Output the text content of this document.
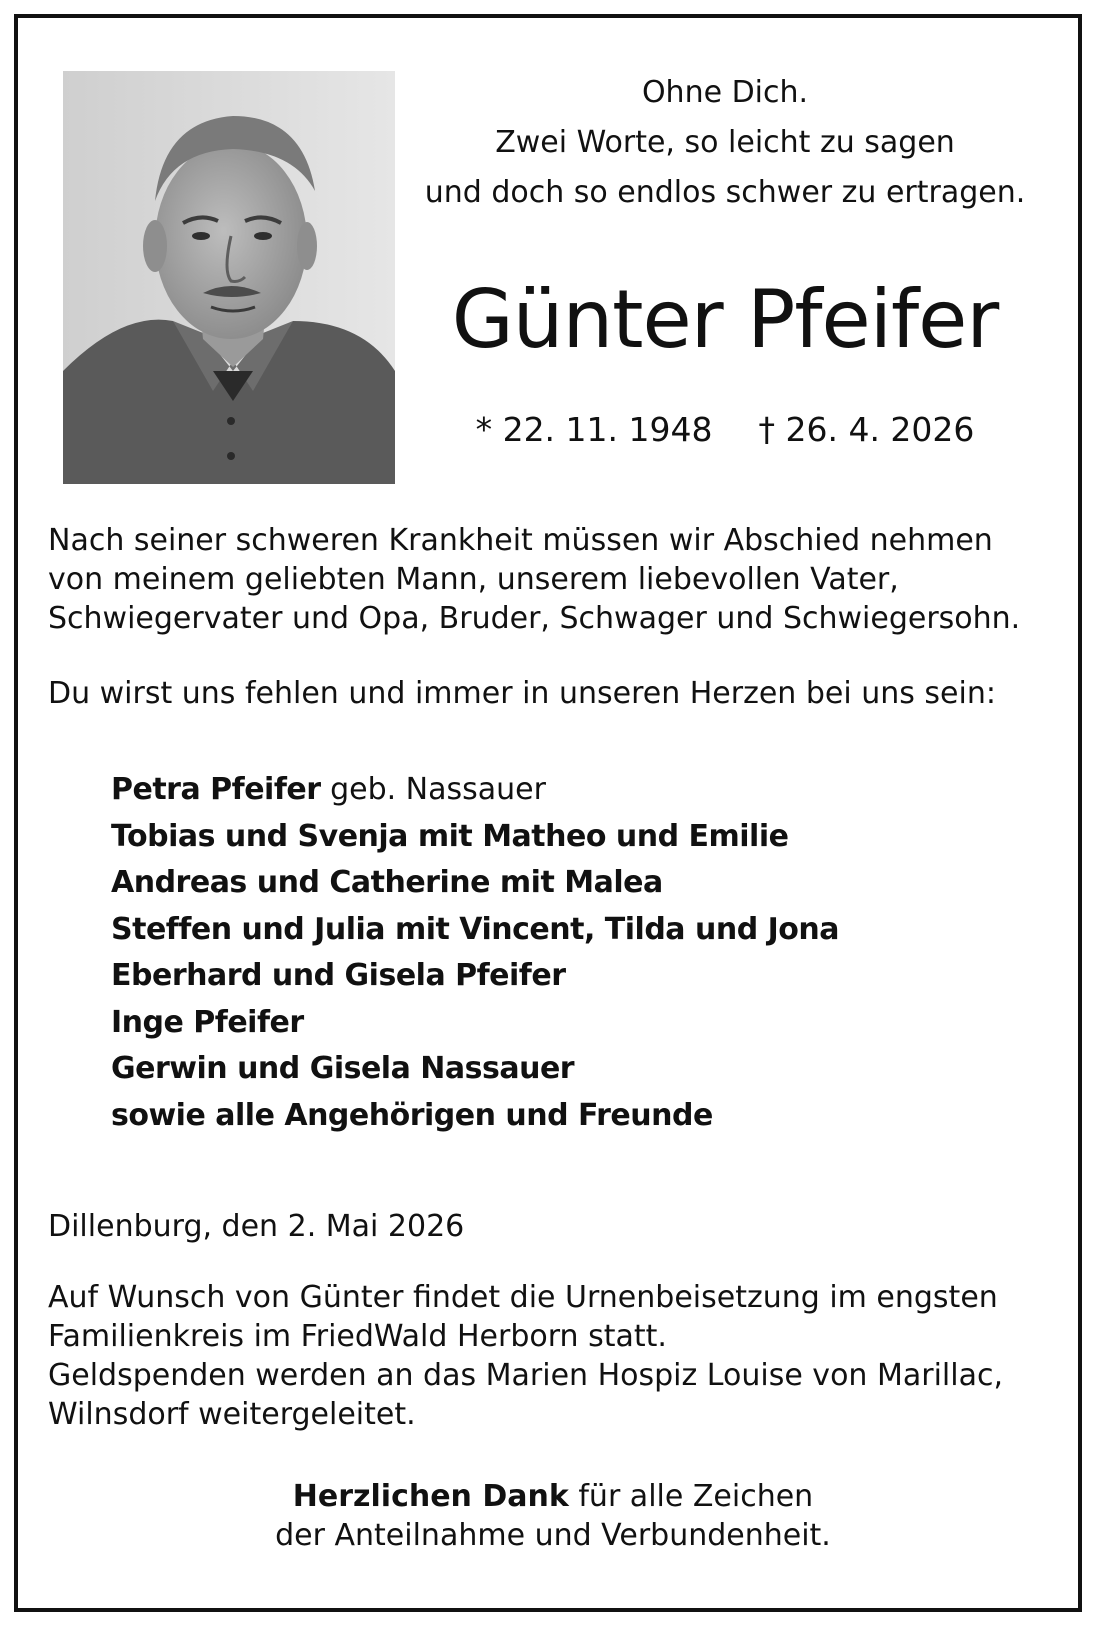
Ohne Dich.
Zwei Worte, so leicht zu sagen
und doch so endlos schwer zu ertragen.
Günter Pfeifer
* 22. 11. 1948 † 26. 4. 2026
Nach seiner schweren Krankheit müssen wir Abschied nehmen
von meinem geliebten Mann, unserem liebevollen Vater,
Schwiegervater und Opa, Bruder, Schwager und Schwiegersohn.
Du wirst uns fehlen und immer in unseren Herzen bei uns sein:
Petra Pfeifer geb. Nassauer
Tobias und Svenja mit Matheo und Emilie
Andreas und Catherine mit Malea
Steffen und Julia mit Vincent, Tilda und Jona
Eberhard und Gisela Pfeifer
Inge Pfeifer
Gerwin und Gisela Nassauer
sowie alle Angehörigen und Freunde
Dillenburg, den 2. Mai 2026
Auf Wunsch von Günter findet die Urnenbeisetzung im engsten
Familienkreis im FriedWald Herborn statt.
Geldspenden werden an das Marien Hospiz Louise von Marillac,
Wilnsdorf weitergeleitet.
Herzlichen Dank für alle Zeichen
der Anteilnahme und Verbundenheit.
